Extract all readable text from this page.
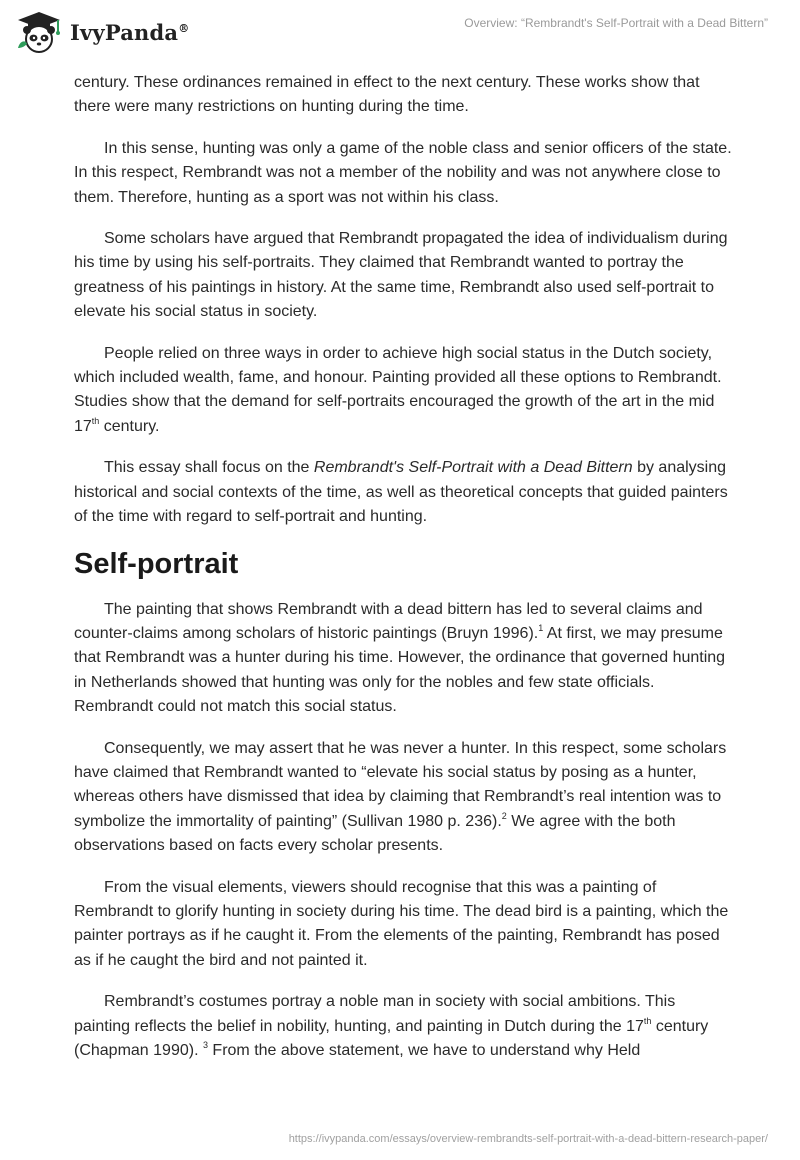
IvyPanda®	Overview: “Rembrandt's Self-Portrait with a Dead Bittern”

century. These ordinances remained in effect to the next century. These works show that there were many restrictions on hunting during the time.

In this sense, hunting was only a game of the noble class and senior officers of the state. In this respect, Rembrandt was not a member of the nobility and was not anywhere close to them. Therefore, hunting as a sport was not within his class.

Some scholars have argued that Rembrandt propagated the idea of individualism during his time by using his self-portraits. They claimed that Rembrandt wanted to portray the greatness of his paintings in history. At the same time, Rembrandt also used self-portrait to elevate his social status in society.

People relied on three ways in order to achieve high social status in the Dutch society, which included wealth, fame, and honour. Painting provided all these options to Rembrandt. Studies show that the demand for self-portraits encouraged the growth of the art in the mid 17th century.

This essay shall focus on the Rembrandt's Self-Portrait with a Dead Bittern by analysing historical and social contexts of the time, as well as theoretical concepts that guided painters of the time with regard to self-portrait and hunting.

Self-portrait

The painting that shows Rembrandt with a dead bittern has led to several claims and counter-claims among scholars of historic paintings (Bruyn 1996).$^1$ At first, we may presume that Rembrandt was a hunter during his time. However, the ordinance that governed hunting in Netherlands showed that hunting was only for the nobles and few state officials. Rembrandt could not match this social status.

Consequently, we may assert that he was never a hunter. In this respect, some scholars have claimed that Rembrandt wanted to “elevate his social status by posing as a hunter, whereas others have dismissed that idea by claiming that Rembrandt’s real intention was to symbolize the immortality of painting” (Sullivan 1980 p. 236).$^2$ We agree with the both observations based on facts every scholar presents.

From the visual elements, viewers should recognise that this was a painting of Rembrandt to glorify hunting in society during his time. The dead bird is a painting, which the painter portrays as if he caught it. From the elements of the painting, Rembrandt has posed as if he caught the bird and not painted it.

Rembrandt’s costumes portray a noble man in society with social ambitions. This painting reflects the belief in nobility, hunting, and painting in Dutch during the 17th century (Chapman 1990). $^3$ From the above statement, we have to understand why Held

https://ivypanda.com/essays/overview-rembrandts-self-portrait-with-a-dead-bittern-research-paper/
